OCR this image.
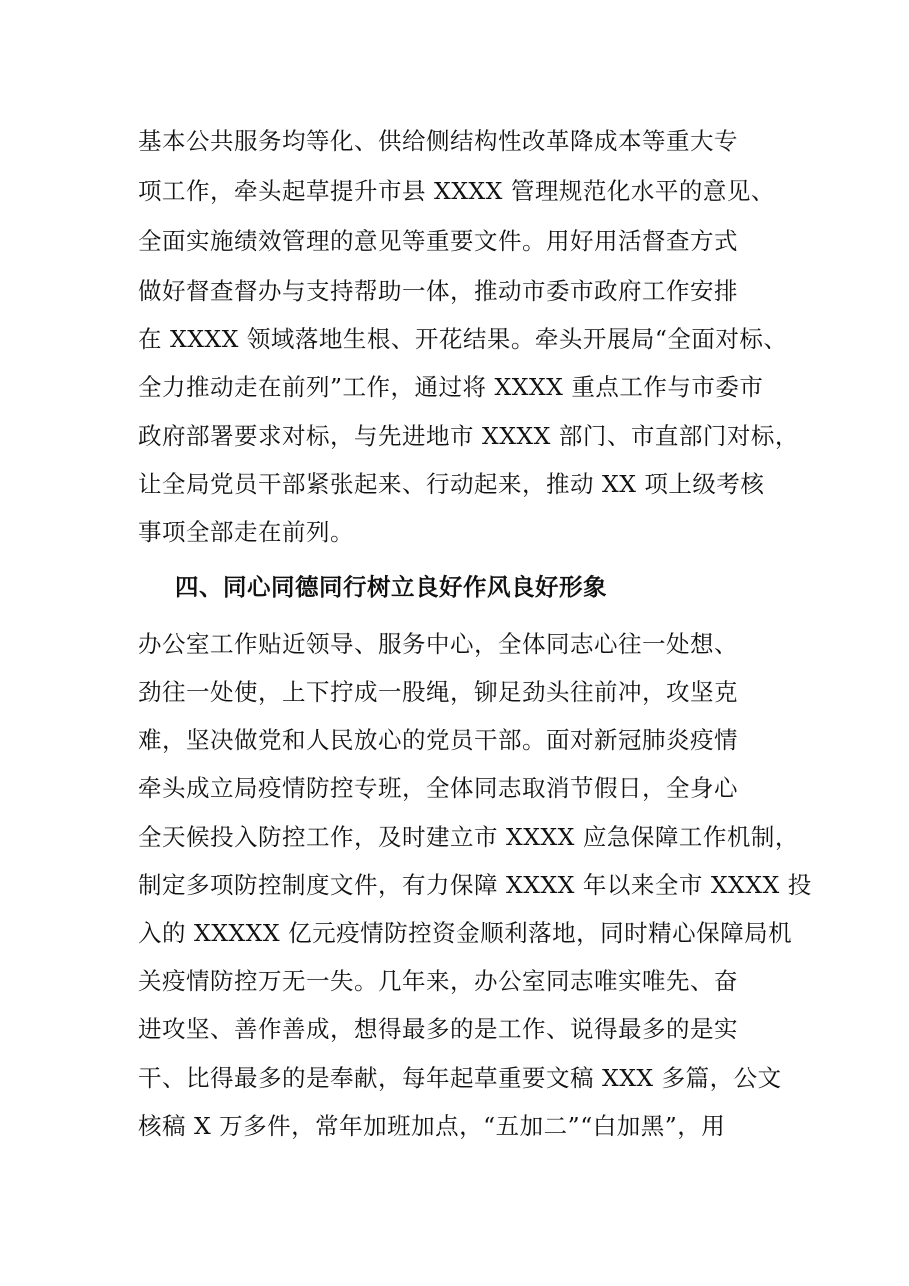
基本公共服务均等化、供给侧结构性改革降成本等重大专
项工作，牵头起草提升市县 XXXX 管理规范化水平的意见、
全面实施绩效管理的意见等重要文件。用好用活督查方式
做好督查督办与支持帮助一体，推动市委市政府工作安排
在 XXXX 领域落地生根、开花结果。牵头开展局“全面对标、
全力推动走在前列”工作，通过将 XXXX 重点工作与市委市
政府部署要求对标，与先进地市 XXXX 部门、市直部门对标，
让全局党员干部紧张起来、行动起来，推动 XX 项上级考核
事项全部走在前列。
四、同心同德同行树立良好作风良好形象
办公室工作贴近领导、服务中心，全体同志心往一处想、
劲往一处使，上下拧成一股绳，铆足劲头往前冲，攻坚克
难，坚决做党和人民放心的党员干部。面对新冠肺炎疫情
牵头成立局疫情防控专班，全体同志取消节假日，全身心
全天候投入防控工作，及时建立市 XXXX 应急保障工作机制，
制定多项防控制度文件，有力保障 XXXX 年以来全市 XXXX 投
入的 XXXXX 亿元疫情防控资金顺利落地，同时精心保障局机
关疫情防控万无一失。几年来，办公室同志唯实唯先、奋
进攻坚、善作善成，想得最多的是工作、说得最多的是实
干、比得最多的是奉献，每年起草重要文稿 XXX 多篇，公文
核稿 X 万多件，常年加班加点，“五加二”“白加黑”，用
